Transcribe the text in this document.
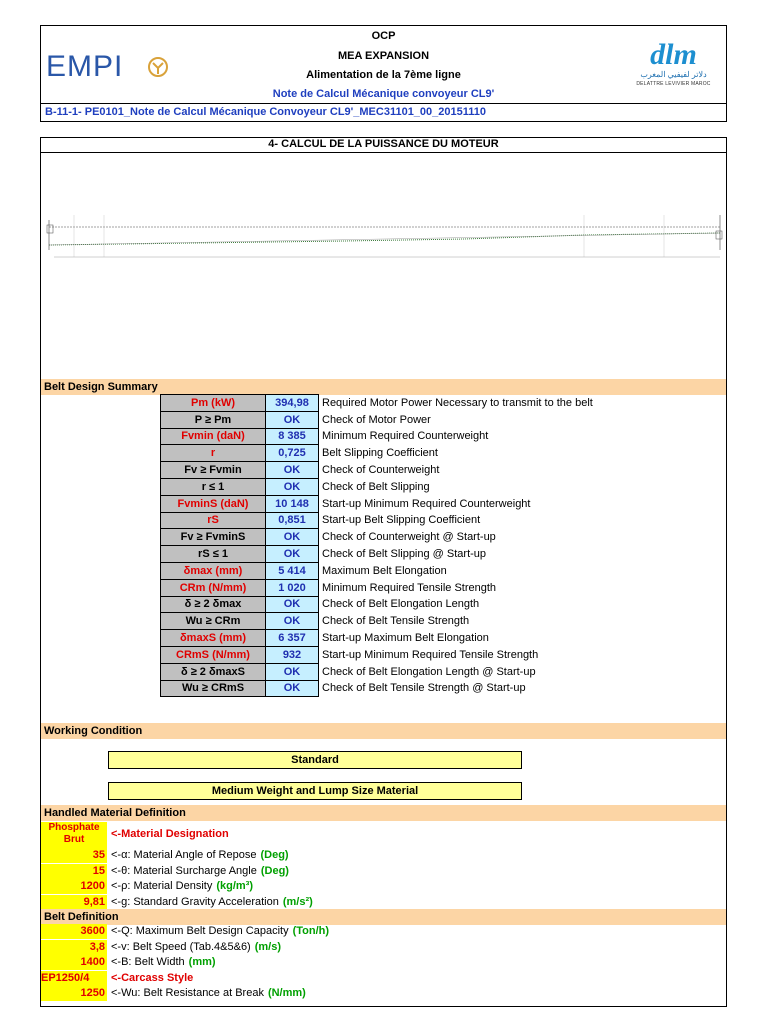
EMPI
OCP
MEA EXPANSION
Alimentation de la 7ème ligne
Note de Calcul Mécanique convoyeur CL9'
dlm
دلاتر لفيفيي المغرب
DELATTRE LEVIVIER MAROC
B-11-1- PE0101_Note de Calcul Mécanique Convoyeur CL9'_MEC31101_00_20151110
4- CALCUL DE LA PUISSANCE DU MOTEUR
Belt Design Summary
Pm (kW)	394,98	Required Motor Power Necessary to transmit to the belt
P ≥ Pm	OK	Check of Motor Power
Fvmin (daN)	8 385	Minimum Required Counterweight
r	0,725	Belt Slipping Coefficient
Fv ≥ Fvmin	OK	Check of Counterweight
r ≤ 1	OK	Check of Belt Slipping
FvminS (daN)	10 148	Start-up Minimum Required Counterweight
rS	0,851	Start-up Belt Slipping Coefficient
Fv ≥ FvminS	OK	Check of Counterweight @ Start-up
rS ≤ 1	OK	Check of Belt Slipping @ Start-up
δmax (mm)	5 414	Maximum Belt Elongation
CRm (N/mm)	1 020	Minimum Required Tensile Strength
δ ≥ 2 δmax	OK	Check of Belt Elongation Length
Wu ≥ CRm	OK	Check of Belt Tensile Strength
δmaxS (mm)	6 357	Start-up Maximum Belt Elongation
CRmS (N/mm)	932	Start-up Minimum Required Tensile Strength
δ ≥ 2 δmaxS	OK	Check of Belt Elongation Length @ Start-up
Wu ≥ CRmS	OK	Check of Belt Tensile Strength @ Start-up
Working Condition
Standard
Medium Weight and Lump Size Material
Handled Material Definition
Phosphate Brut	<-Material Designation
35 <-α: Material Angle of Repose (Deg)
15 <-θ: Material Surcharge Angle (Deg)
1200 <-ρ: Material Density (kg/m³)
9,81 <-g: Standard Gravity Acceleration (m/s²)
Belt Definition
3600 <-Q: Maximum Belt Design Capacity (Ton/h)
3,8 <-v: Belt Speed (Tab.4&5&6) (m/s)
1400 <-B: Belt Width (mm)
EP1250/4	<-Carcass Style
1250 <-Wu: Belt Resistance at Break (N/mm)
